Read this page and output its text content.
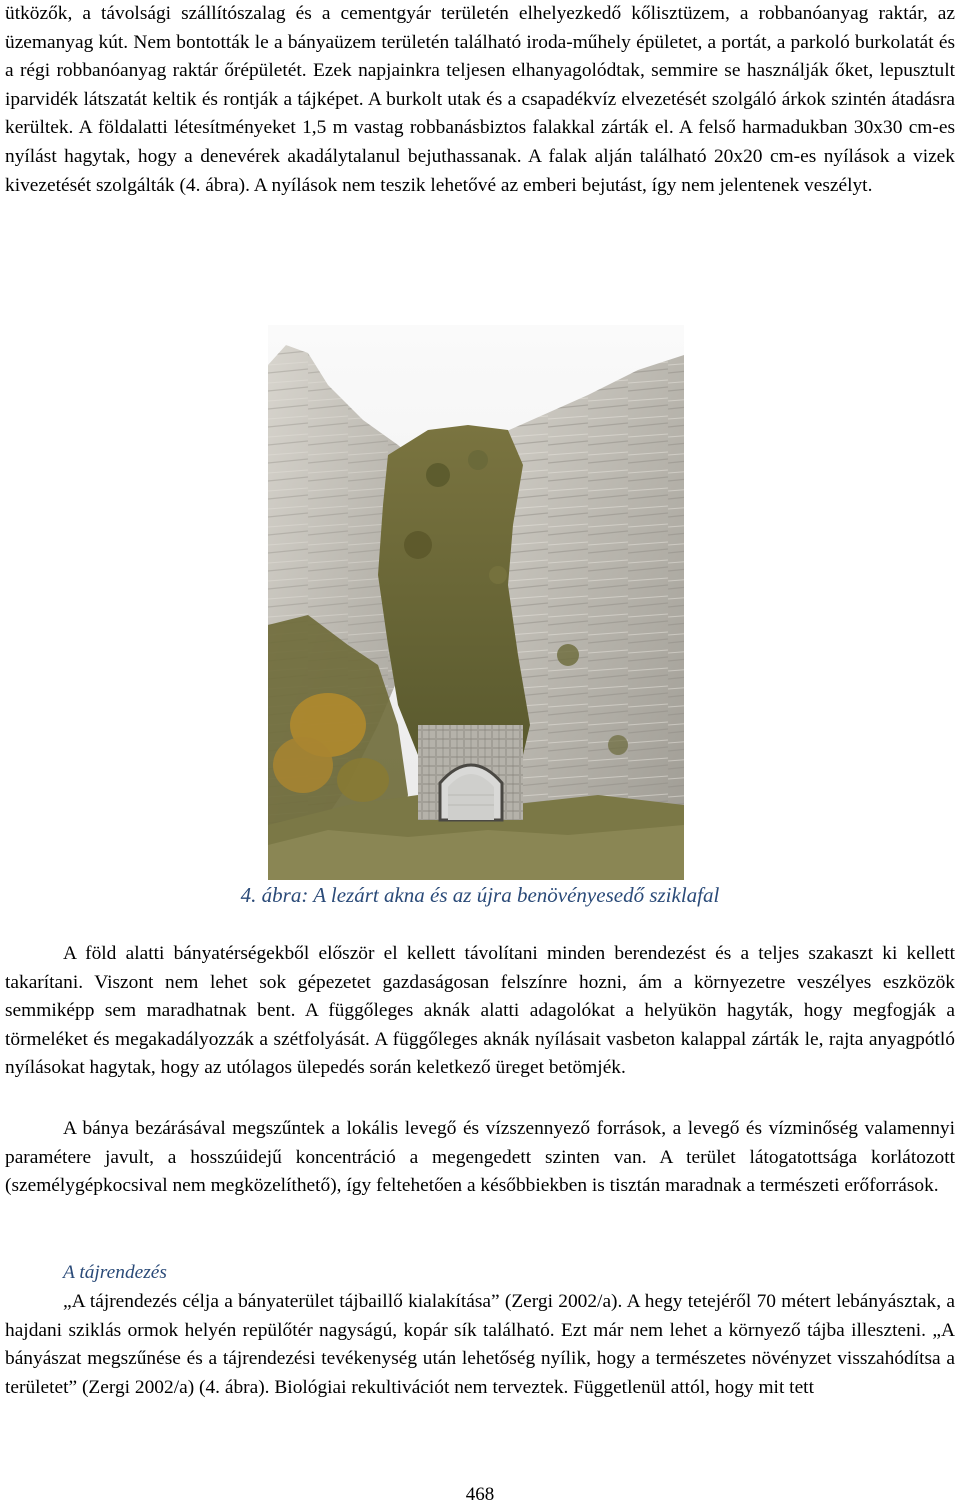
ütközők, a távolsági szállítószalag és a cementgyár területén elhelyezkedő kőlisztüzem, a robbanóanyag raktár, az üzemanyag kút. Nem bontották le a bányaüzem területén található iroda-műhely épületet, a portát, a parkoló burkolatát és a régi robbanóanyag raktár őrépületét. Ezek napjainkra teljesen elhanyagolódtak, semmire se használják őket, lepusztult iparvidék látszatát keltik és rontják a tájképet. A burkolt utak és a csapadékvíz elvezetését szolgáló árkok szintén átadásra kerültek. A földalatti létesítményeket 1,5 m vastag robbanásbiztos falakkal zárták el. A felső harmadukban 30x30 cm-es nyílást hagytak, hogy a denevérek akadálytalanul bejuthassanak. A falak alján található 20x20 cm-es nyílások a vizek kivezetését szolgálták (4. ábra). A nyílások nem teszik lehetővé az emberi bejutást, így nem jelentenek veszélyt.

4. ábra: A lezárt akna és az újra benövényesedő sziklafal

A föld alatti bányatérségekből először el kellett távolítani minden berendezést és a teljes szakaszt ki kellett takarítani. Viszont nem lehet sok gépezetet gazdaságosan felszínre hozni, ám a környezetre veszélyes eszközök semmiképp sem maradhatnak bent. A függőleges aknák alatti adagolókat a helyükön hagyták, hogy megfogják a törmeléket és megakadályozzák a szétfolyását. A függőleges aknák nyílásait vasbeton kalappal zárták le, rajta anyagpótló nyílásokat hagytak, hogy az utólagos ülepedés során keletkező üreget betömjék.

A bánya bezárásával megszűntek a lokális levegő és vízszennyező források, a levegő és vízminőség valamennyi paramétere javult, a hosszúidejű koncentráció a megengedett szinten van. A terület látogatottsága korlátozott (személygépkocsival nem megközelíthető), így feltehetően a későbbiekben is tisztán maradnak a természeti erőforrások.

A tájrendezés

„A tájrendezés célja a bányaterület tájbaillő kialakítása” (Zergi 2002/a). A hegy tetejéről 70 métert lebányásztak, a hajdani sziklás ormok helyén repülőtér nagyságú, kopár sík található. Ezt már nem lehet a környező tájba illeszteni. „A bányászat megszűnése és a tájrendezési tevékenység után lehetőség nyílik, hogy a természetes növényzet visszahódítsa a területet” (Zergi 2002/a) (4. ábra). Biológiai rekultivációt nem terveztek. Függetlenül attól, hogy mit tett

468
